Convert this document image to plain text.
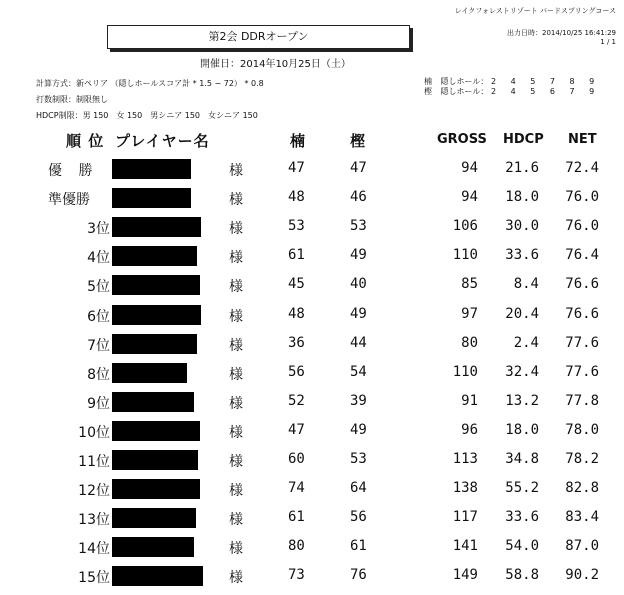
レイクフォレストリゾート バードスプリングコース
第2会 DDRオープン	出力日時：2014/10/25 16:41:29
1 / 1
開催日：2014年10月25日（土）
計算方式：新ペリア （隠しホールスコア計 * 1.5 − 72） * 0.8
打数制限：制限無し
HDCP制限：男 150　女 150　男シニア 150　女シニア 150
楠 隠しホール： 2 4 5 7 8 9
樫 隠しホール： 2 4 5 6 7 9
順 位 プレイヤー名	楠	樫	GROSS HDCP NET
優 勝	様	47	47	94 21.6 72.4
準優勝	様	48	46	94 18.0 76.0
3位	様	53	53	106 30.0 76.0
4位	様	61	49	110 33.6 76.4
5位	様	45	40	85	8.4 76.6
6位	様	48	49	97 20.4 76.6
7位	様	36	44	80	2.4 77.6
8位	様	56	54	110 32.4 77.6
9位	様	52	39	91 13.2 77.8
10位	様	47	49	96 18.0 78.0
11位	様	60	53	113 34.8 78.2
12位	様	74	64	138 55.2 82.8
13位	様	61	56	117 33.6 83.4
14位	様	80	61	141 54.0 87.0
15位	様	73	76	149 58.8 90.2
